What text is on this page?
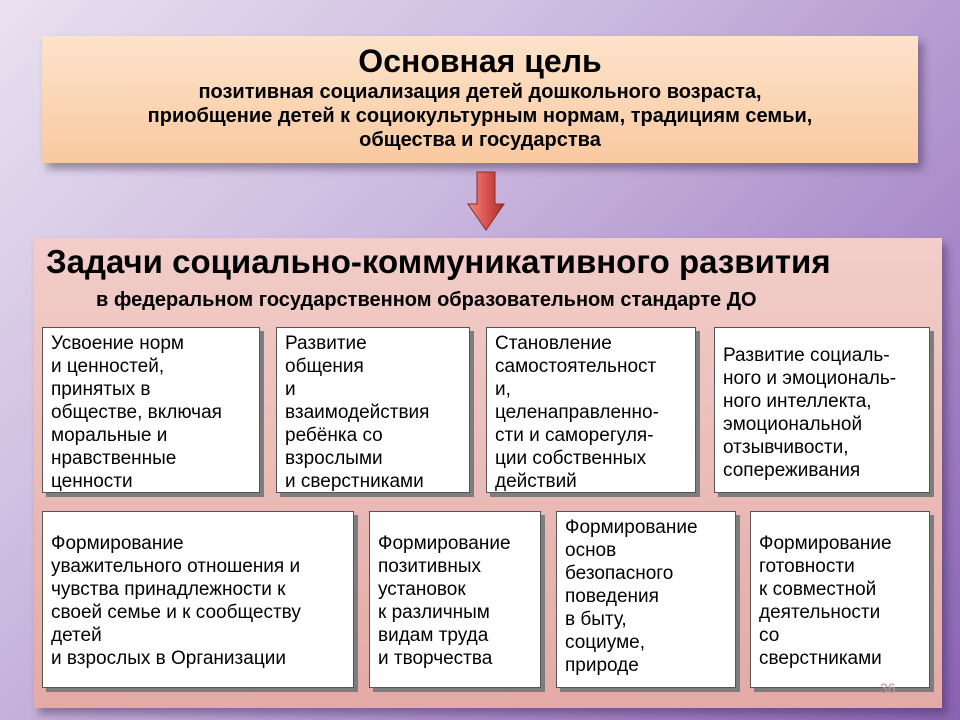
Основная цель
позитивная социализация детей дошкольного возраста,
приобщение детей к социокультурным нормам, традициям семьи,
общества и государства
Задачи социально-коммуникативного развития
в федеральном государственном образовательном стандарте ДО
Усвоение норм
и ценностей,
принятых в
обществе, включая
моральные и
нравственные
ценности
Развитие
общения
и
взаимодействия
ребёнка со
взрослыми
и сверстниками
Становление
самостоятельност
и,
целенаправленно-
сти и саморегуля-
ции собственных
действий
Развитие социаль-
ного и эмоциональ-
ного интеллекта,
эмоциональной
отзывчивости,
сопереживания
Формирование
уважительного отношения и
чувства принадлежности к
своей семье и к сообществу
детей
и взрослых в Организации
Формирование
позитивных
установок
к различным
видам труда
и творчества
Формирование
основ
безопасного
поведения
в быту,
социуме,
природе
Формирование
готовности
к совместной
деятельности
со
сверстниками
36
